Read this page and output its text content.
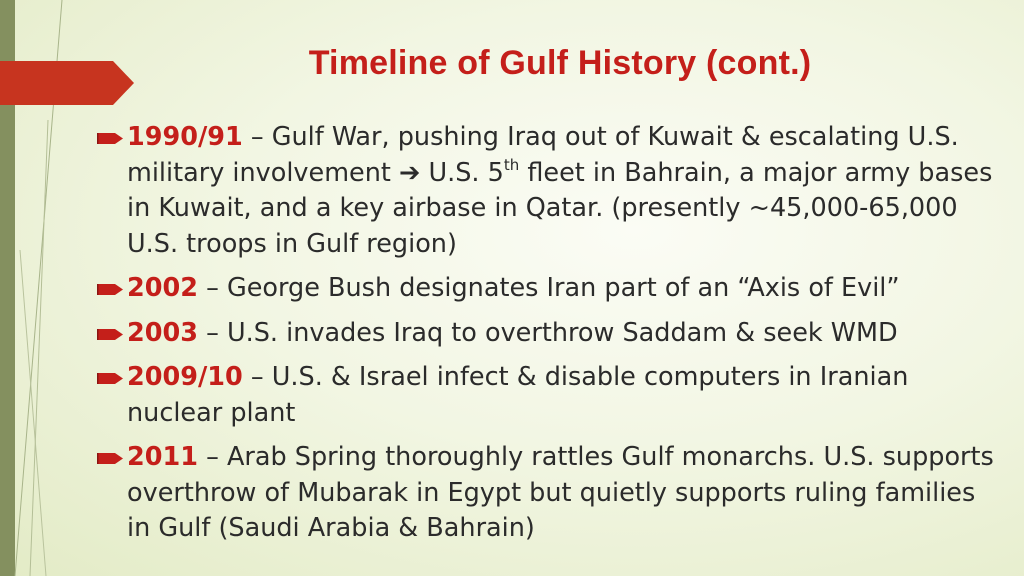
Timeline of Gulf History (cont.)
1990/91 – Gulf War, pushing Iraq out of Kuwait & escalating U.S. military involvement ➔ U.S. 5th fleet in Bahrain, a major army bases in Kuwait, and a key airbase in Qatar. (presently ~45,000-65,000 U.S. troops in Gulf region)
2002 – George Bush designates Iran part of an “Axis of Evil”
2003 – U.S. invades Iraq to overthrow Saddam & seek WMD
2009/10 – U.S. & Israel infect & disable computers in Iranian nuclear plant
2011 – Arab Spring thoroughly rattles Gulf monarchs. U.S. supports overthrow of Mubarak in Egypt but quietly supports ruling families in Gulf (Saudi Arabia & Bahrain)
